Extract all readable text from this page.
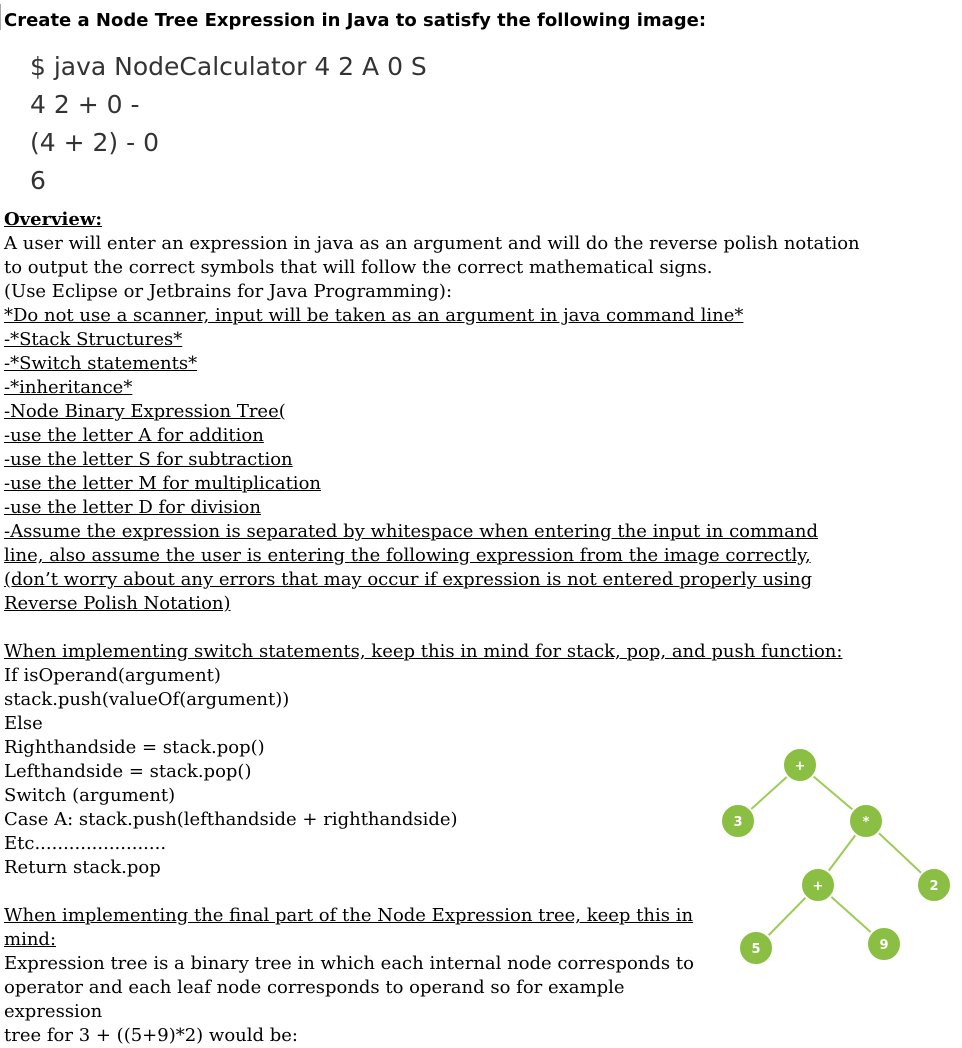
Create a Node Tree Expression in Java to satisfy the following image:
$ java NodeCalculator 4 2 A 0 S
4 2 + 0 -
(4 + 2) - 0
6
Overview:
A user will enter an expression in java as an argument and will do the reverse polish notation
to output the correct symbols that will follow the correct mathematical signs.
(Use Eclipse or Jetbrains for Java Programming):
*Do not use a scanner, input will be taken as an argument in java command line*
-*Stack Structures*
-*Switch statements*
-*inheritance*
-Node Binary Expression Tree(
-use the letter A for addition
-use the letter S for subtraction
-use the letter M for multiplication
-use the letter D for division
-Assume the expression is separated by whitespace when entering the input in command
line, also assume the user is entering the following expression from the image correctly,
(don’t worry about any errors that may occur if expression is not entered properly using
Reverse Polish Notation)
When implementing switch statements, keep this in mind for stack, pop, and push function:
If isOperand(argument)
stack.push(valueOf(argument))
Else
Righthandside = stack.pop()
Lefthandside = stack.pop()
Switch (argument)
Case A: stack.push(lefthandside + righthandside)
Etc.......................
Return stack.pop
When implementing the final part of the Node Expression tree, keep this in
mind:
Expression tree is a binary tree in which each internal node corresponds to
operator and each leaf node corresponds to operand so for example expression
tree for 3 + ((5+9)*2) would be:
+
3	*
+	2
5	9
